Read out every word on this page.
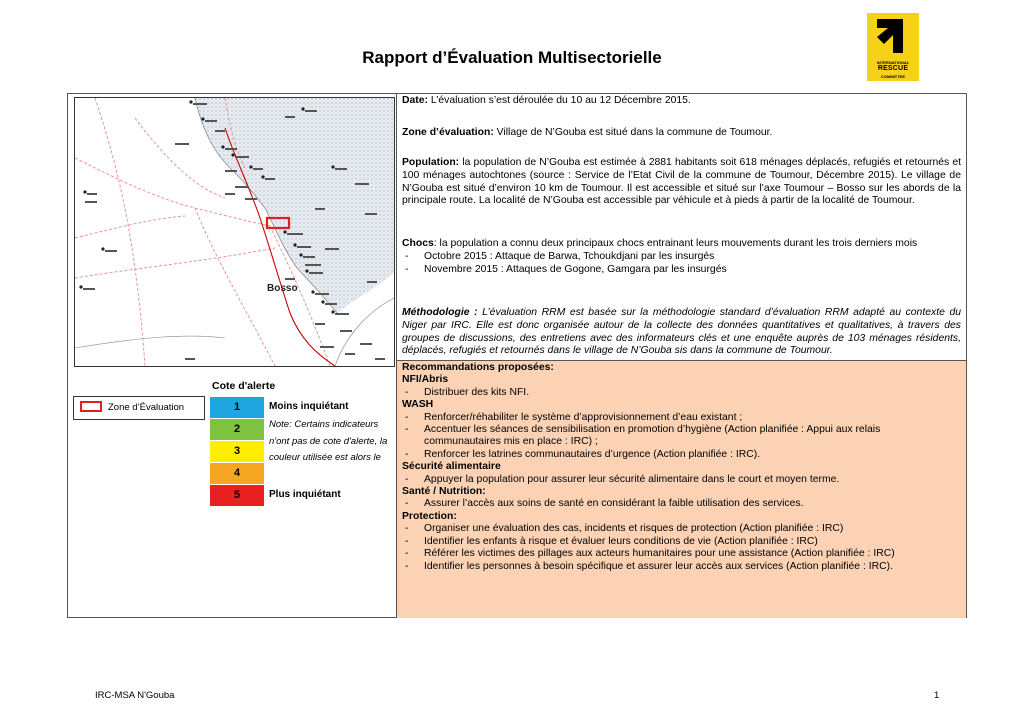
Rapport d’Évaluation Multisectorielle	INTERNATIONAL
RESCUE
COMMITTEE
Bosso
Zone d’Évaluation
Cote d'alerte
1
2
3
4
5
Moins inquiétant
Note: Certains indicateurs n'ont pas de cote d'alerte, la couleur utilisée est alors le
Plus inquiétant
Date: L’évaluation s’est déroulée du 10 au 12 Décembre 2015.
Zone d’évaluation: Village de N’Gouba est situé dans la commune de Toumour.
Population: la population de N’Gouba est estimée à 2881 habitants soit 618 ménages déplacés, refugiés et retournés et 100 ménages autochtones (source : Service de l’Etat Civil de la commune de Toumour, Décembre 2015). Le village de N’Gouba est situé d’environ 10 km de Toumour. Il est accessible et situé sur l’axe Toumour – Bosso sur les abords de la principale route. La localité de N’Gouba est accessible par véhicule et à pieds à partir de la localité de Toumour.
Chocs: la population a connu deux principaux chocs entrainant leurs mouvements durant les trois derniers mois
- Octobre 2015 : Attaque de Barwa, Tchoukdjani par les insurgés
- Novembre 2015 : Attaques de Gogone, Gamgara par les insurgés
Méthodologie : L’évaluation RRM est basée sur la méthodologie standard d’évaluation RRM adapté au contexte du Niger par IRC. Elle est donc organisée autour de la collecte des données quantitatives et qualitatives, à travers des groupes de discussions, des entretiens avec des informateurs clés et une enquête auprès de 103 ménages résidents, déplacés, refugiés et retournés dans le village de N’Gouba sis dans la commune de Toumour.
Recommandations proposées:
NFI/Abris
- Distribuer des kits NFI.
WASH
- Renforcer/réhabiliter le système d’approvisionnement d’eau existant ;
- Accentuer les séances de sensibilisation en promotion d’hygiène (Action planifiée : Appui aux relais communautaires mis en place : IRC) ;
- Renforcer les latrines communautaires d’urgence (Action planifiée : IRC).
Sécurité alimentaire
- Appuyer la population pour assurer leur sécurité alimentaire dans le court et moyen terme.
Santé / Nutrition:
- Assurer l’accès aux soins de santé en considérant la faible utilisation des services.
Protection:
- Organiser une évaluation des cas, incidents et risques de protection (Action planifiée : IRC)
- Identifier les enfants à risque et évaluer leurs conditions de vie (Action planifiée : IRC)
- Référer les victimes des pillages aux acteurs humanitaires pour une assistance (Action planifiée : IRC)
- Identifier les personnes à besoin spécifique et assurer leur accès aux services (Action planifiée : IRC).
IRC-MSA N'Gouba	1
